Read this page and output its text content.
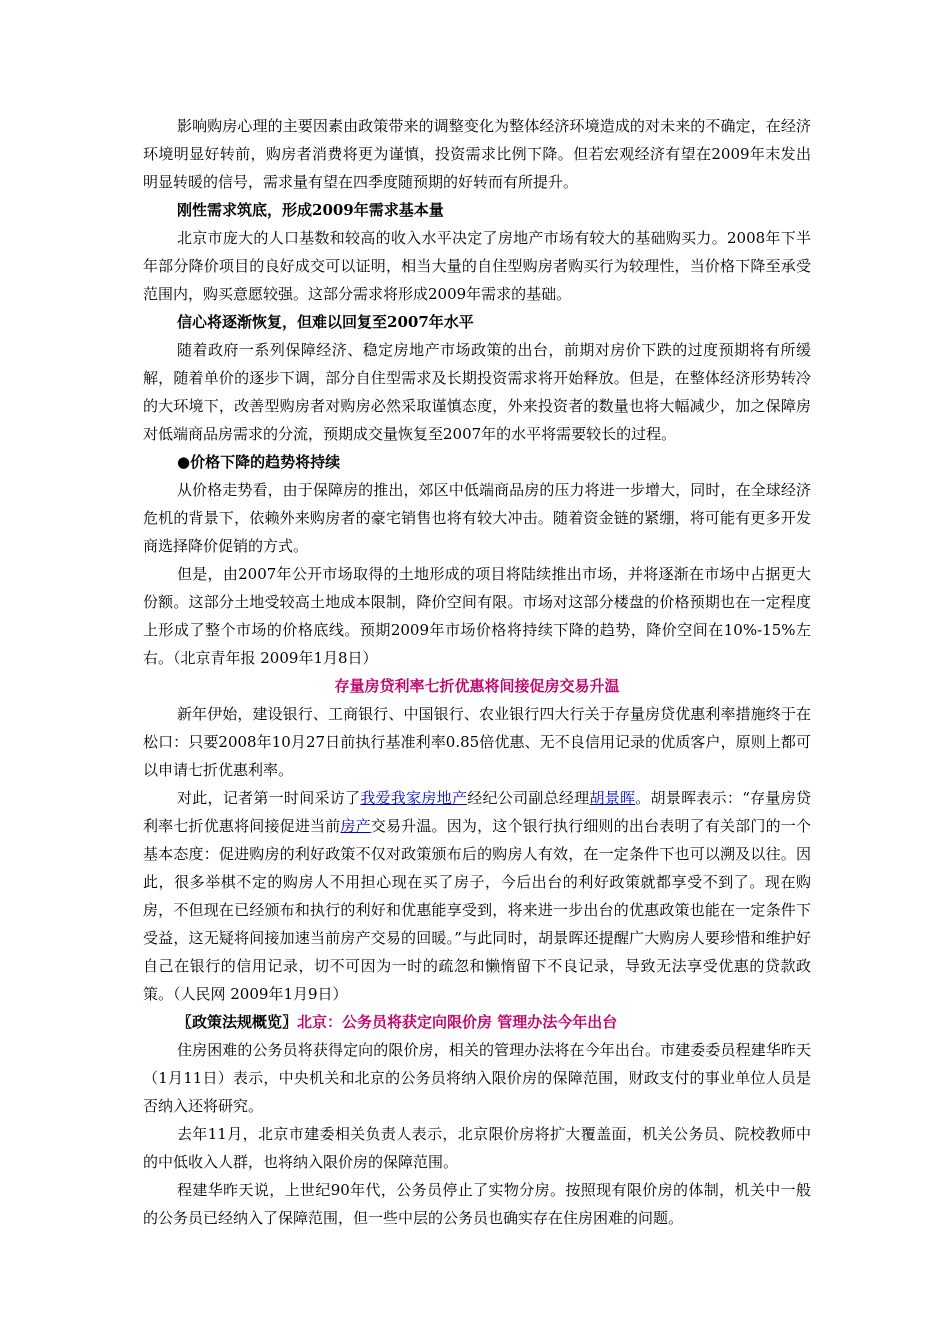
影响购房心理的主要因素由政策带来的调整变化为整体经济环境造成的对未来的不确定，在经济环境明显好转前，购房者消费将更为谨慎，投资需求比例下降。但若宏观经济有望在2009年末发出明显转暖的信号，需求量有望在四季度随预期的好转而有所提升。

刚性需求筑底，形成2009年需求基本量

北京市庞大的人口基数和较高的收入水平决定了房地产市场有较大的基础购买力。2008年下半年部分降价项目的良好成交可以证明，相当大量的自住型购房者购买行为较理性，当价格下降至承受范围内，购买意愿较强。这部分需求将形成2009年需求的基础。

信心将逐渐恢复，但难以回复至2007年水平

随着政府一系列保障经济、稳定房地产市场政策的出台，前期对房价下跌的过度预期将有所缓解，随着单价的逐步下调，部分自住型需求及长期投资需求将开始释放。但是，在整体经济形势转冷的大环境下，改善型购房者对购房必然采取谨慎态度，外来投资者的数量也将大幅减少，加之保障房对低端商品房需求的分流，预期成交量恢复至2007年的水平将需要较长的过程。

●价格下降的趋势将持续

从价格走势看，由于保障房的推出，郊区中低端商品房的压力将进一步增大，同时，在全球经济危机的背景下，依赖外来购房者的豪宅销售也将有较大冲击。随着资金链的紧绷，将可能有更多开发商选择降价促销的方式。

但是，由2007年公开市场取得的土地形成的项目将陆续推出市场，并将逐渐在市场中占据更大份额。这部分土地受较高土地成本限制，降价空间有限。市场对这部分楼盘的价格预期也在一定程度上形成了整个市场的价格底线。预期2009年市场价格将持续下降的趋势，降价空间在10%-15%左右。（北京青年报 2009年1月8日）

存量房贷利率七折优惠将间接促房交易升温

新年伊始，建设银行、工商银行、中国银行、农业银行四大行关于存量房贷优惠利率措施终于在松口：只要2008年10月27日前执行基准利率0.85倍优惠、无不良信用记录的优质客户，原则上都可以申请七折优惠利率。

对此，记者第一时间采访了我爱我家房地产经纪公司副总经理胡景晖。胡景晖表示：“存量房贷利率七折优惠将间接促进当前房产交易升温。因为，这个银行执行细则的出台表明了有关部门的一个基本态度：促进购房的利好政策不仅对政策颁布后的购房人有效，在一定条件下也可以溯及以往。因此，很多举棋不定的购房人不用担心现在买了房子，今后出台的利好政策就都享受不到了。现在购房，不但现在已经颁布和执行的利好和优惠能享受到，将来进一步出台的优惠政策也能在一定条件下受益，这无疑将间接加速当前房产交易的回暖。”与此同时，胡景晖还提醒广大购房人要珍惜和维护好自己在银行的信用记录，切不可因为一时的疏忽和懒惰留下不良记录，导致无法享受优惠的贷款政策。（人民网 2009年1月9日）

〖政策法规概览〗北京：公务员将获定向限价房 管理办法今年出台

住房困难的公务员将获得定向的限价房，相关的管理办法将在今年出台。市建委委员程建华昨天（1月11日）表示，中央机关和北京的公务员将纳入限价房的保障范围，财政支付的事业单位人员是否纳入还将研究。

去年11月，北京市建委相关负责人表示，北京限价房将扩大覆盖面，机关公务员、院校教师中的中低收入人群，也将纳入限价房的保障范围。

程建华昨天说，上世纪90年代，公务员停止了实物分房。按照现有限价房的体制，机关中一般的公务员已经纳入了保障范围，但一些中层的公务员也确实存在住房困难的问题。
